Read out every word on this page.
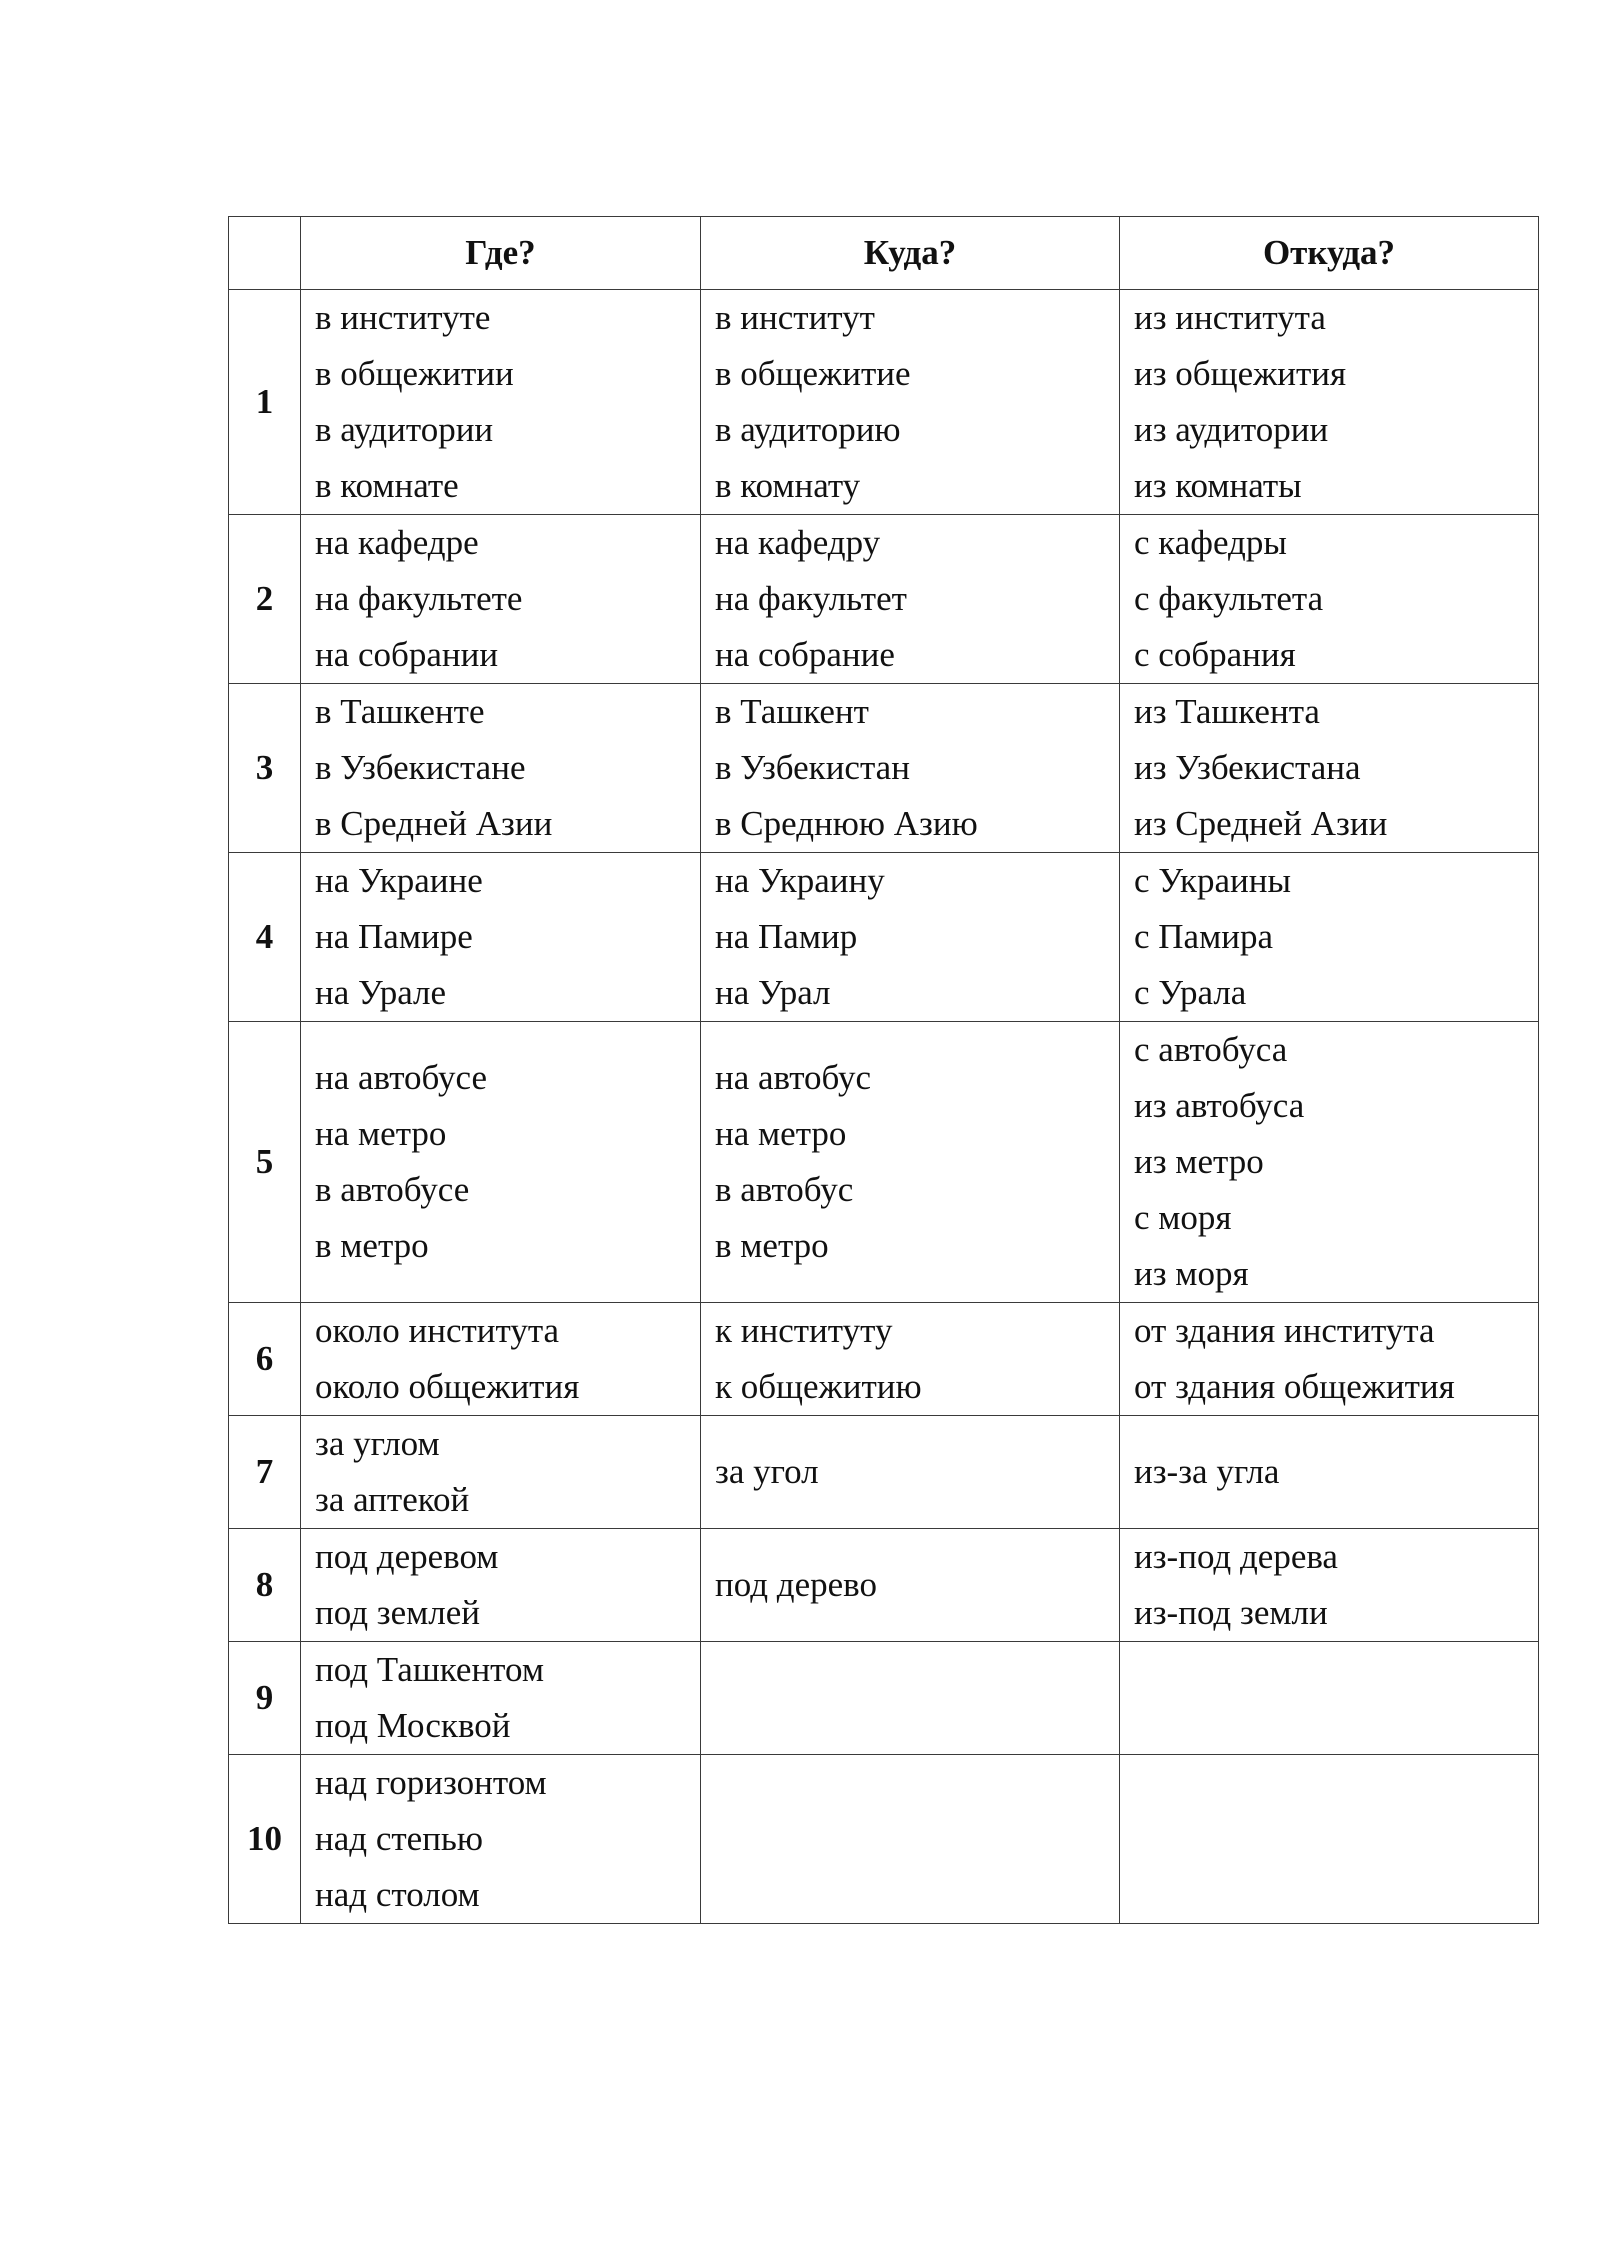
	Где?	Куда?	Откуда?
1	в институте
в общежитии
в аудитории
в комнате	в институт
в общежитие
в аудиторию
в комнату	из института
из общежития
из аудитории
из комнаты

2	на кафедре
на факультете
на собрании	на кафедру
на факультет
на собрание	с кафедры
с факультета
с собрания

3	в Ташкенте
в Узбекистане
в Средней Азии	в Ташкент
в Узбекистан
в Среднюю Азию	из Ташкента
из Узбекистана
из Средней Азии

4	на Украине
на Памире
на Урале	на Украину
на Памир
на Урал	с Украины
с Памира
с Урала

5	на автобусе
на метро
в автобусе
в метро	на автобус
на метро
в автобус
в метро	с автобуса
из автобуса
из метро
с моря
из моря

6	около института
около общежития	к институту
к общежитию	от здания института
от здания общежития

7	за углом
за аптекой	за угол	из-за угла

8	под деревом
под землей	под дерево	из-под дерева
из-под земли

9	под Ташкентом
под Москвой		

10	над горизонтом
над степью
над столом		
